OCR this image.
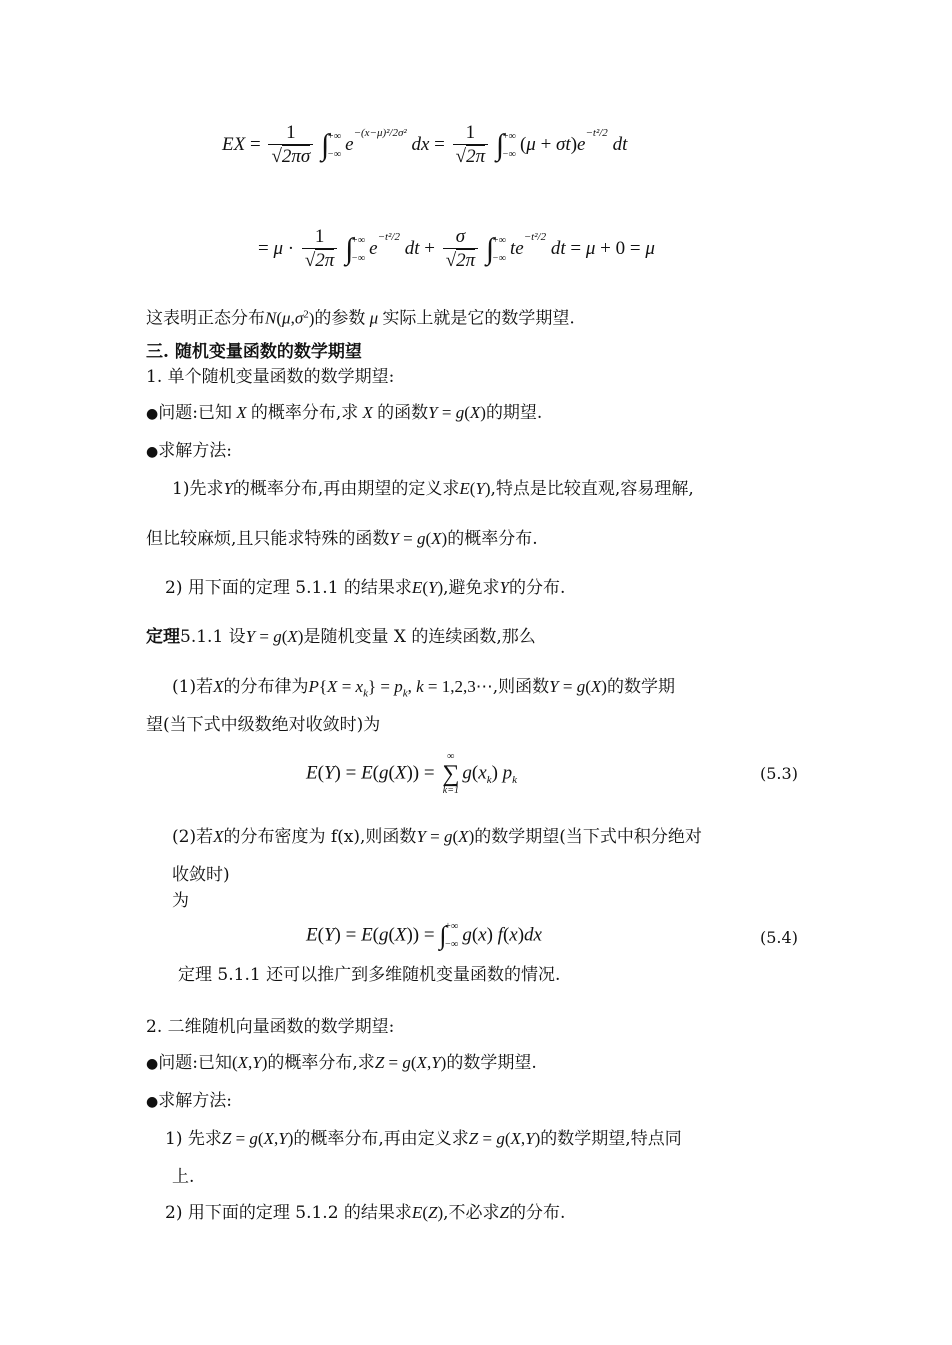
EX = $\frac{1}{√2\pi\sigma}$ ∫
+∞
−∞ $e^{-(x-\mu)^2/2\sigma^2}$ dx = $\frac{1}{√2\pi}$ ∫
+∞
−∞ $(\mu + \sigma t)e^{-t^2/2}$ dt
= $\mu \cdot \frac{1}{√2\pi}$ ∫
+∞
−∞ $e^{-t^2/2}$ dt + $\frac{\sigma}{√2\pi}$ ∫
+∞
−∞ $te^{-t^2/2}$ dt = μ + 0 = μ
这表明正态分布$N(\mu,\sigma^2)$的参数 μ 实际上就是它的数学期望.
三. 随机变量函数的数学期望
1. 单个随机变量函数的数学期望:
●问题:已知 X 的概率分布,求 X 的函数Y = g(X)的期望.
●求解方法:
1)先求Y的概率分布,再由期望的定义求E(Y),特点是比较直观,容易理解,
但比较麻烦,且只能求特殊的函数Y = g(X)的概率分布.
2) 用下面的定理 5.1.1 的结果求E(Y),避免求Y的分布.
定理5.1.1 设Y = g(X)是随机变量 X 的连续函数,那么
(1)若X的分布律为$P\{X = x_k\} = p_k$, k = 1,2,3⋯,则函数Y = g(X)的数学期
望(当下式中级数绝对收敛时)为
E(Y) = E(g(X)) = ∞
∑
$k=1g(x_k)$ $p_k$	(5.3)
(2)若X的分布密度为 f(x),则函数Y = g(X)的数学期望(当下式中积分绝对
收敛时)
为
E(Y) = E(g(X)) = ∫
+∞
−∞ g(x) f(x)dx	(5.4)
定理 5.1.1 还可以推广到多维随机变量函数的情况.
2. 二维随机向量函数的数学期望:
●问题:已知(X,Y)的概率分布,求Z = g(X,Y)的数学期望.
●求解方法:
1) 先求Z = g(X,Y)的概率分布,再由定义求Z = g(X,Y)的数学期望,特点同
上.
2) 用下面的定理 5.1.2 的结果求E(Z),不必求Z的分布.
